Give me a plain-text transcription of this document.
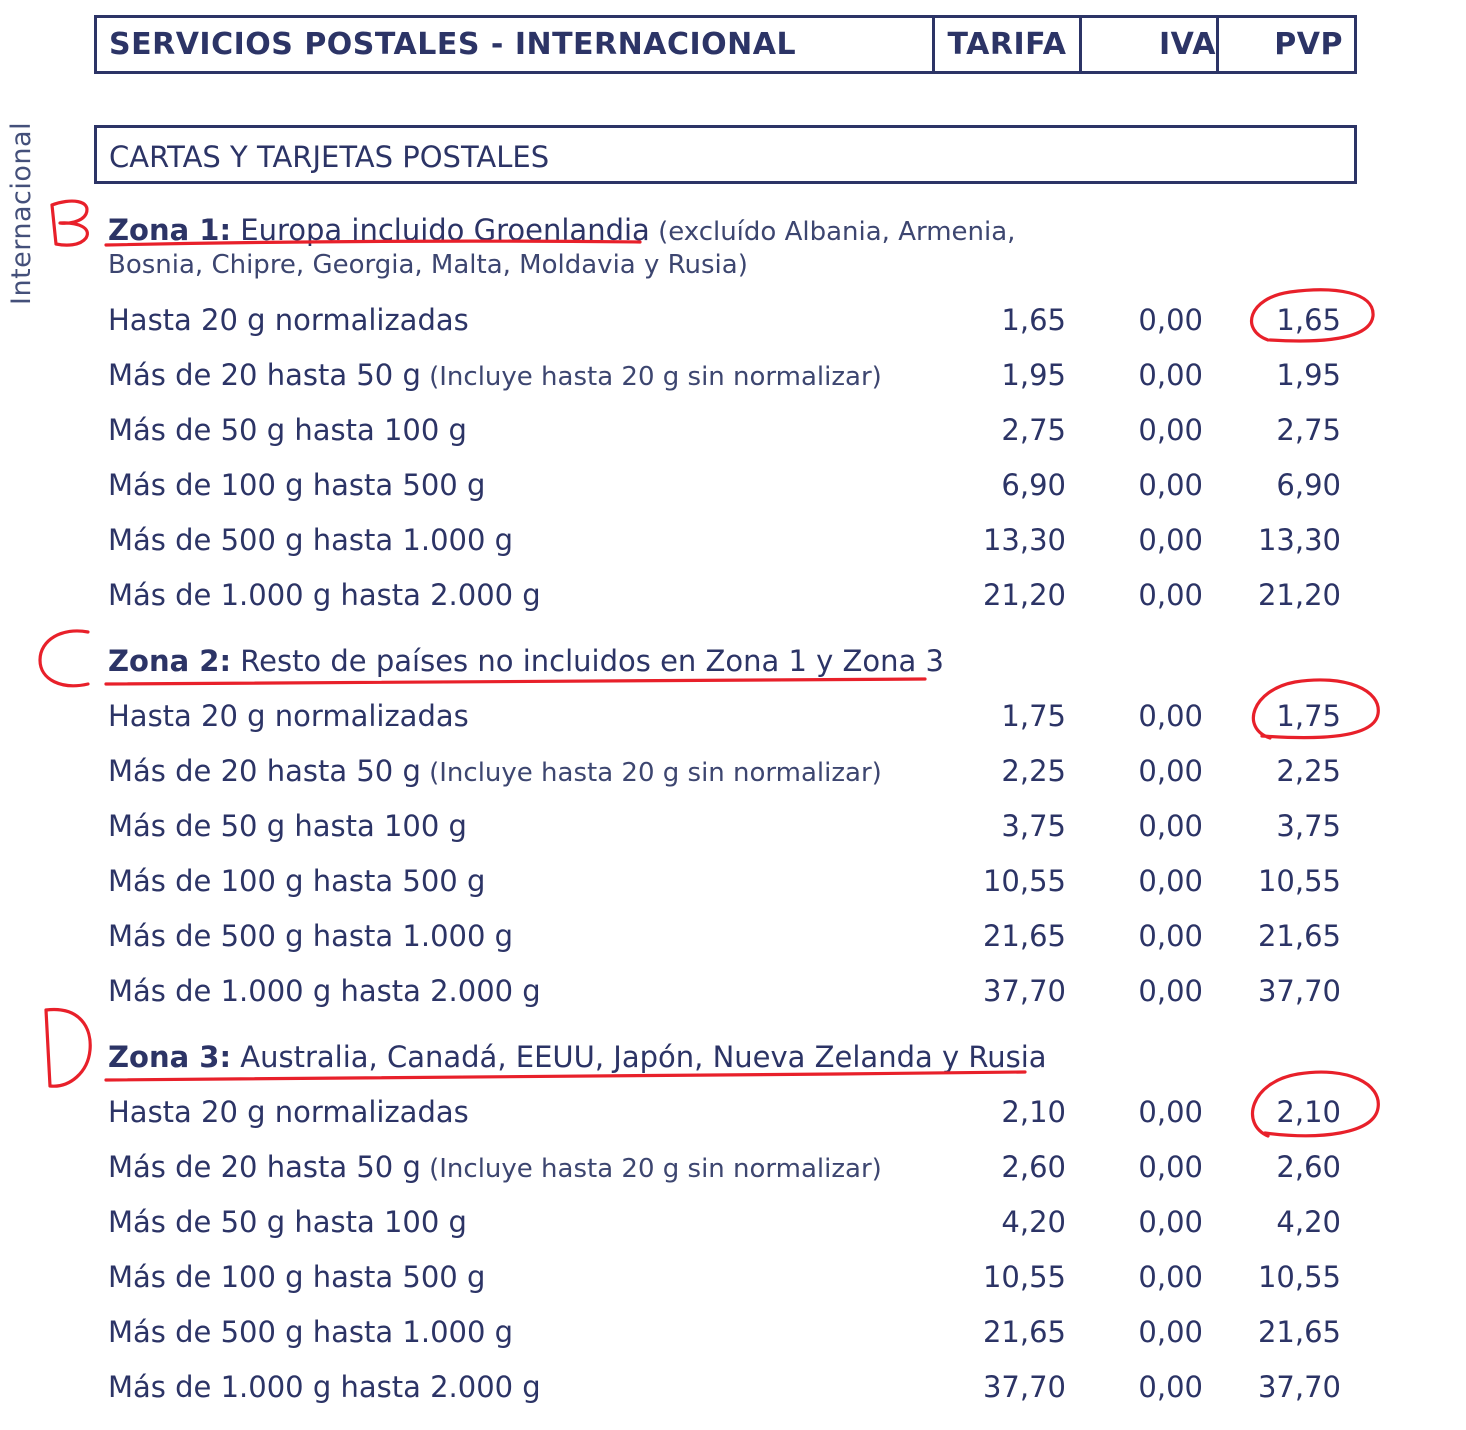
SERVICIOS POSTALES - INTERNACIONAL	TARIFA	IVA	PVP
Internacional CARTAS Y TARJETAS POSTALES
Zona 1: Europa incluido Groenlandia (excluído Albania, Armenia,
Bosnia, Chipre, Georgia, Malta, Moldavia y Rusia)
Hasta 20 g normalizadas	1,65	0,00	1,65
Más de 20 hasta 50 g (Incluye hasta 20 g sin normalizar)	1,95	0,00	1,95
Más de 50 g hasta 100 g	2,75	0,00	2,75
Más de 100 g hasta 500 g	6,90	0,00	6,90
Más de 500 g hasta 1.000 g	13,30	0,00	13,30
Más de 1.000 g hasta 2.000 g	21,20	0,00	21,20
Zona 2: Resto de países no incluidos en Zona 1 y Zona 3
Hasta 20 g normalizadas	1,75	0,00	1,75
Más de 20 hasta 50 g (Incluye hasta 20 g sin normalizar)	2,25	0,00	2,25
Más de 50 g hasta 100 g	3,75	0,00	3,75
Más de 100 g hasta 500 g	10,55	0,00	10,55
Más de 500 g hasta 1.000 g	21,65	0,00	21,65
Más de 1.000 g hasta 2.000 g	37,70	0,00	37,70
Zona 3: Australia, Canadá, EEUU, Japón, Nueva Zelanda y Rusia
Hasta 20 g normalizadas	2,10	0,00	2,10
Más de 20 hasta 50 g (Incluye hasta 20 g sin normalizar)	2,60	0,00	2,60
Más de 50 g hasta 100 g	4,20	0,00	4,20
Más de 100 g hasta 500 g	10,55	0,00	10,55
Más de 500 g hasta 1.000 g	21,65	0,00	21,65
Más de 1.000 g hasta 2.000 g	37,70	0,00	37,70
